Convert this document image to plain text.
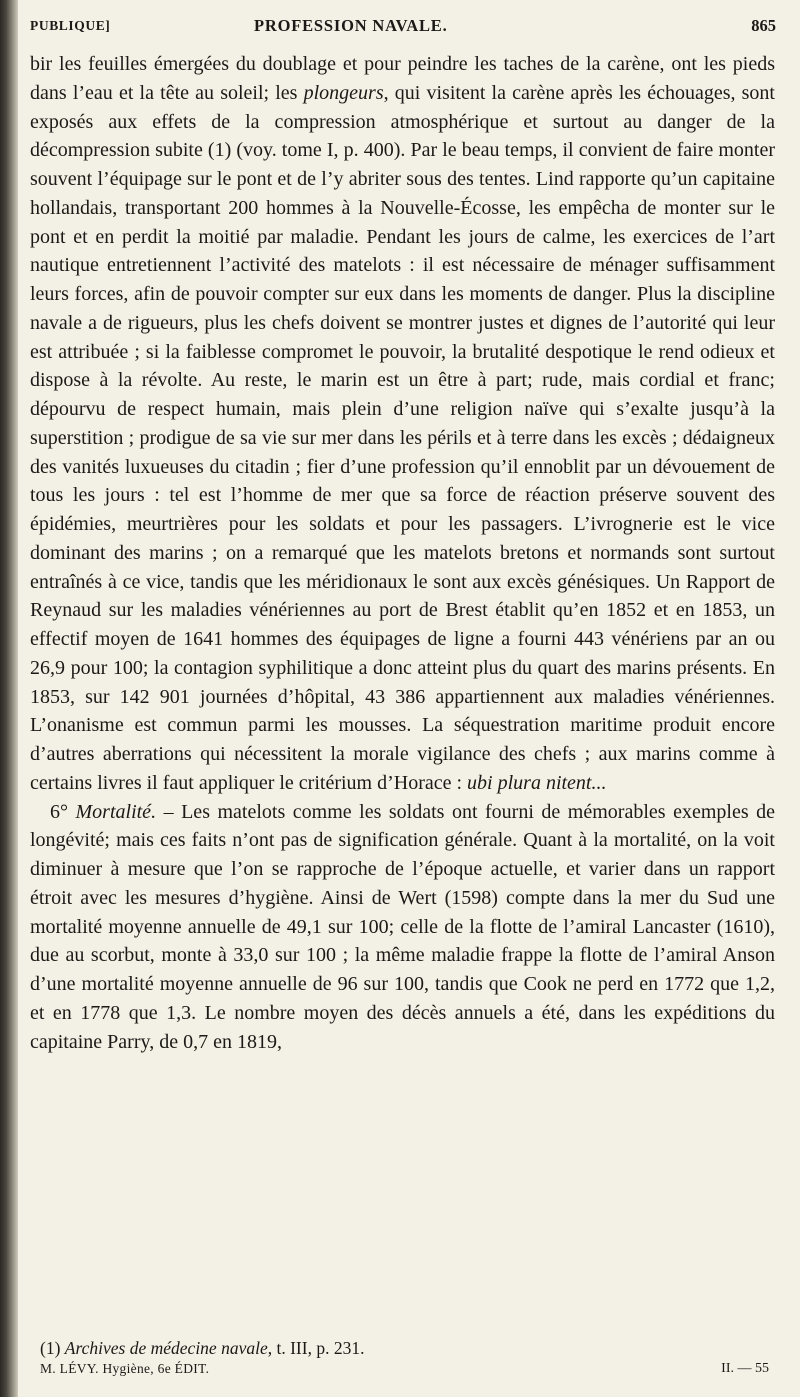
PUBLIQUE]	PROFESSION NAVALE.	865

bir les feuilles émergées du doublage et pour peindre les taches de la carène, ont les pieds dans l’eau et la tête au soleil; les plongeurs, qui visitent la carène après les échouages, sont exposés aux effets de la compression atmosphérique et surtout au danger de la décompression subite (1) (voy. tome I, p. 400). Par le beau temps, il convient de faire monter souvent l’équipage sur le pont et de l’y abriter sous des tentes. Lind rapporte qu’un capitaine hollandais, transportant 200 hommes à la Nouvelle-Écosse, les empêcha de monter sur le pont et en perdit la moitié par maladie. Pendant les jours de calme, les exercices de l’art nautique entretiennent l’activité des matelots : il est nécessaire de ménager suffisamment leurs forces, afin de pouvoir compter sur eux dans les moments de danger. Plus la discipline navale a de rigueurs, plus les chefs doivent se montrer justes et dignes de l’autorité qui leur est attribuée ; si la faiblesse compromet le pouvoir, la brutalité despotique le rend odieux et dispose à la révolte. Au reste, le marin est un être à part; rude, mais cordial et franc; dépourvu de respect humain, mais plein d’une religion naïve qui s’exalte jusqu’à la superstition ; prodigue de sa vie sur mer dans les périls et à terre dans les excès ; dédaigneux des vanités luxueuses du citadin ; fier d’une profession qu’il ennoblit par un dévouement de tous les jours : tel est l’homme de mer que sa force de réaction préserve souvent des épidémies, meurtrières pour les soldats et pour les passagers. L’ivrognerie est le vice dominant des marins ; on a remarqué que les matelots bretons et normands sont surtout entraînés à ce vice, tandis que les méridionaux le sont aux excès génésiques. Un Rapport de Reynaud sur les maladies vénériennes au port de Brest établit qu’en 1852 et en 1853, un effectif moyen de 1641 hommes des équipages de ligne a fourni 443 vénériens par an ou 26,9 pour 100; la contagion syphilitique a donc atteint plus du quart des marins présents. En 1853, sur 142 901 journées d’hôpital, 43 386 appartiennent aux maladies vénériennes. L’onanisme est commun parmi les mousses. La séquestration maritime produit encore d’autres aberrations qui nécessitent la morale vigilance des chefs ; aux marins comme à certains livres il faut appliquer le critérium d’Horace : ubi plura nitent...

6° Mortalité. – Les matelots comme les soldats ont fourni de mémorables exemples de longévité; mais ces faits n’ont pas de signification générale. Quant à la mortalité, on la voit diminuer à mesure que l’on se rapproche de l’époque actuelle, et varier dans un rapport étroit avec les mesures d’hygiène. Ainsi de Wert (1598) compte dans la mer du Sud une mortalité moyenne annuelle de 49,1 sur 100; celle de la flotte de l’amiral Lancaster (1610), due au scorbut, monte à 33,0 sur 100 ; la même maladie frappe la flotte de l’amiral Anson d’une mortalité moyenne annuelle de 96 sur 100, tandis que Cook ne perd en 1772 que 1,2, et en 1778 que 1,3. Le nombre moyen des décès annuels a été, dans les expéditions du capitaine Parry, de 0,7 en 1819,

(1) Archives de médecine navale, t. III, p. 231.
M. LÉVY. Hygiène, 6e ÉDIT.	II. — 55
